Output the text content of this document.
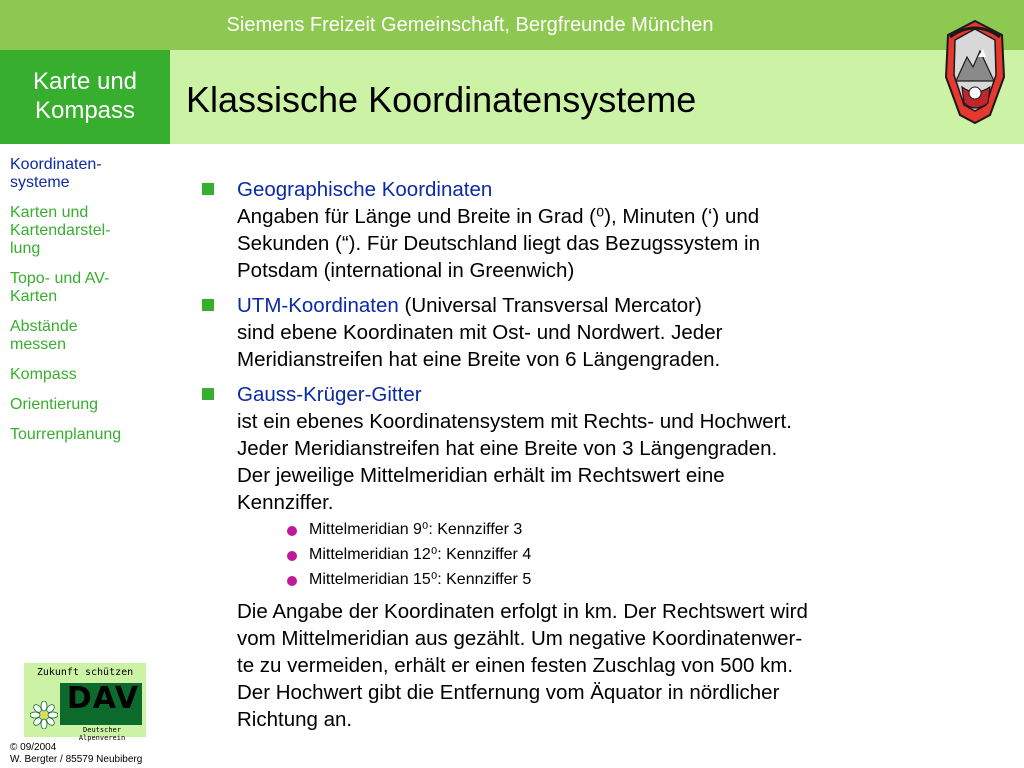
Siemens Freizeit Gemeinschaft, Bergfreunde München
Karte und
Kompass	Klassische Koordinatensysteme
Koordinaten-
systeme
Karten und
Kartendarstel-
lung
Topo- und AV-
Karten
Abstände
messen
Kompass
Orientierung
Tourrenplanung
Geographische Koordinaten
Angaben für Länge und Breite in Grad (⁰), Minuten (‘) und
Sekunden (“). Für Deutschland liegt das Bezugssystem in
Potsdam (international in Greenwich)
UTM-Koordinaten (Universal Transversal Mercator)
sind ebene Koordinaten mit Ost- und Nordwert. Jeder
Meridianstreifen hat eine Breite von 6 Längengraden.
Gauss-Krüger-Gitter
ist ein ebenes Koordinatensystem mit Rechts- und Hochwert.
Jeder Meridianstreifen hat eine Breite von 3 Längengraden.
Der jeweilige Mittelmeridian erhält im Rechtswert eine
Kennziffer.
Mittelmeridian 9⁰: Kennziffer 3
Mittelmeridian 12⁰: Kennziffer 4
Mittelmeridian 15⁰: Kennziffer 5
Die Angabe der Koordinaten erfolgt in km. Der Rechtswert wird
vom Mittelmeridian aus gezählt. Um negative Koordinatenwer-
te zu vermeiden, erhält er einen festen Zuschlag von 500 km.
Der Hochwert gibt die Entfernung vom Äquator in nördlicher
Richtung an.
Zukunft schützen
DAV
Deutscher Alpenverein
© 09/2004
W. Bergter / 85579 Neubiberg
